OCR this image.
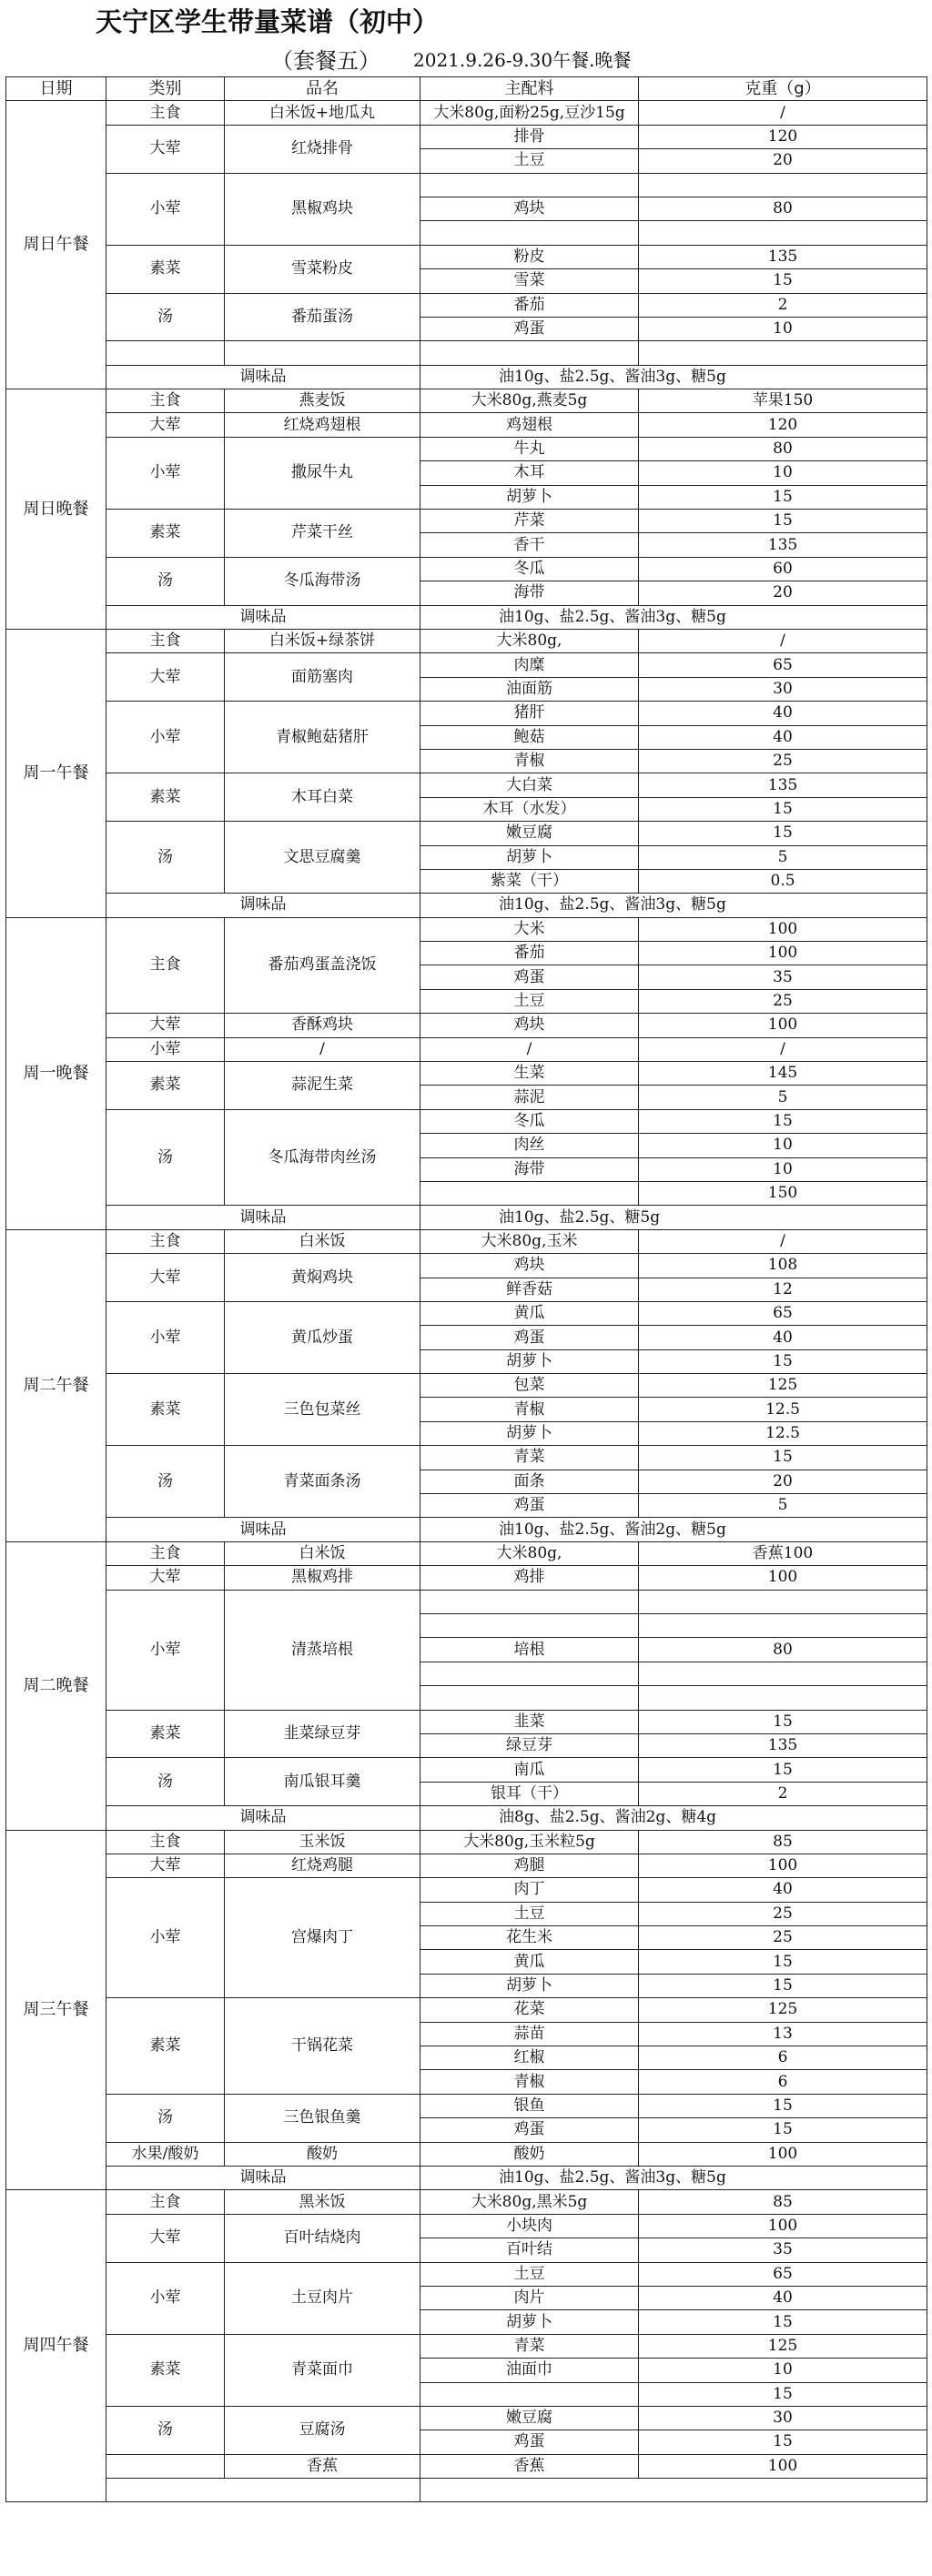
天宁区学生带量菜谱（初中）
（套餐五） 2021.9.26-9.30午餐.晚餐
日期	类别	品名	主配料	克重（g）
周日午餐	主食	白米饭+地瓜丸	大米80g,面粉25g,豆沙15g	/
	大荤	红烧排骨	排骨	120
			土豆	20
	小荤	黑椒鸡块		
			鸡块	80

	素菜	雪菜粉皮	粉皮	135
			雪菜	15
	汤	番茄蛋汤	番茄	2
			鸡蛋	10

	调味品		油10g、盐2.5g、酱油3g、糖5g	
周日晚餐	主食	燕麦饭	大米80g,燕麦5g	苹果150
	大荤	红烧鸡翅根	鸡翅根	120
	小荤	撒尿牛丸	牛丸	80
			木耳	10
			胡萝卜	15
	素菜	芹菜干丝	芹菜	15
			香干	135
	汤	冬瓜海带汤	冬瓜	60
			海带	20
	调味品		油10g、盐2.5g、酱油3g、糖5g	
周一午餐	主食	白米饭+绿茶饼	大米80g,	/
	大荤	面筋塞肉	肉糜	65
			油面筋	30
	小荤	青椒鲍菇猪肝	猪肝	40
			鲍菇	40
			青椒	25
	素菜	木耳白菜	大白菜	135
			木耳（水发）	15
	汤	文思豆腐羹	嫩豆腐	15
			胡萝卜	5
			紫菜（干）	0.5
	调味品		油10g、盐2.5g、酱油3g、糖5g	
周一晚餐	主食	番茄鸡蛋盖浇饭	大米	100
			番茄	100
			鸡蛋	35
			土豆	25
	大荤	香酥鸡块	鸡块	100
	小荤	/	/	/
	素菜	蒜泥生菜	生菜	145
			蒜泥	5
	汤	冬瓜海带肉丝汤	冬瓜	15
			肉丝	10
			海带	10
				150
	调味品		油10g、盐2.5g、糖5g	
周二午餐	主食	白米饭	大米80g,玉米	/
	大荤	黄焖鸡块	鸡块	108
			鲜香菇	12
	小荤	黄瓜炒蛋	黄瓜	65
			鸡蛋	40
			胡萝卜	15
	素菜	三色包菜丝	包菜	125
			青椒	12.5
			胡萝卜	12.5
	汤	青菜面条汤	青菜	15
			面条	20
			鸡蛋	5
	调味品		油10g、盐2.5g、酱油2g、糖5g	
周二晚餐	主食	白米饭	大米80g,	香蕉100
	大荤	黑椒鸡排	鸡排	100
	小荤	清蒸培根		

			培根	80

	素菜	韭菜绿豆芽	韭菜	15
			绿豆芽	135
	汤	南瓜银耳羹	南瓜	15
			银耳（干）	2
	调味品		油8g、盐2.5g、酱油2g、糖4g	
周三午餐	主食	玉米饭	大米80g,玉米粒5g	85
	大荤	红烧鸡腿	鸡腿	100
	小荤	宫爆肉丁	肉丁	40
			土豆	25
			花生米	25
			黄瓜	15
			胡萝卜	15
	素菜	干锅花菜	花菜	125
			蒜苗	13
			红椒	6
			青椒	6
	汤	三色银鱼羹	银鱼	15
			鸡蛋	15
	水果/酸奶	酸奶	酸奶	100
	调味品		油10g、盐2.5g、酱油3g、糖5g	
周四午餐	主食	黑米饭	大米80g,黑米5g	85
	大荤	百叶结烧肉	小块肉	100
			百叶结	35
	小荤	土豆肉片	土豆	65
			肉片	40
			胡萝卜	15
	素菜	青菜面巾	青菜	125
			油面巾	10
				15
	汤	豆腐汤	嫩豆腐	30
			鸡蛋	15
		香蕉	香蕉	100
